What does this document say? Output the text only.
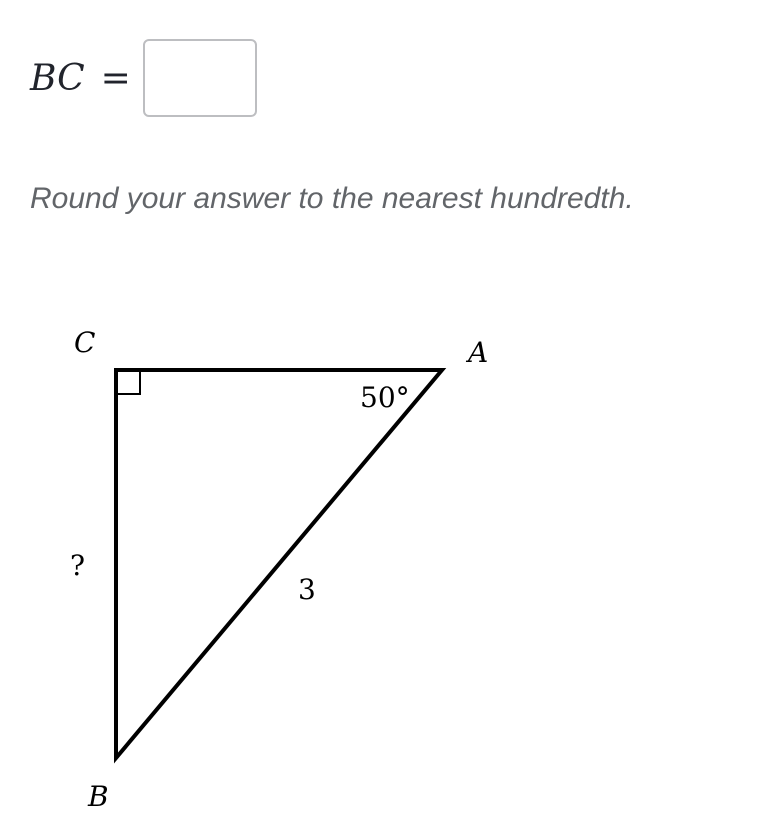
BC =
Round your answer to the nearest hundredth.
C	A
B
50°
3
?
